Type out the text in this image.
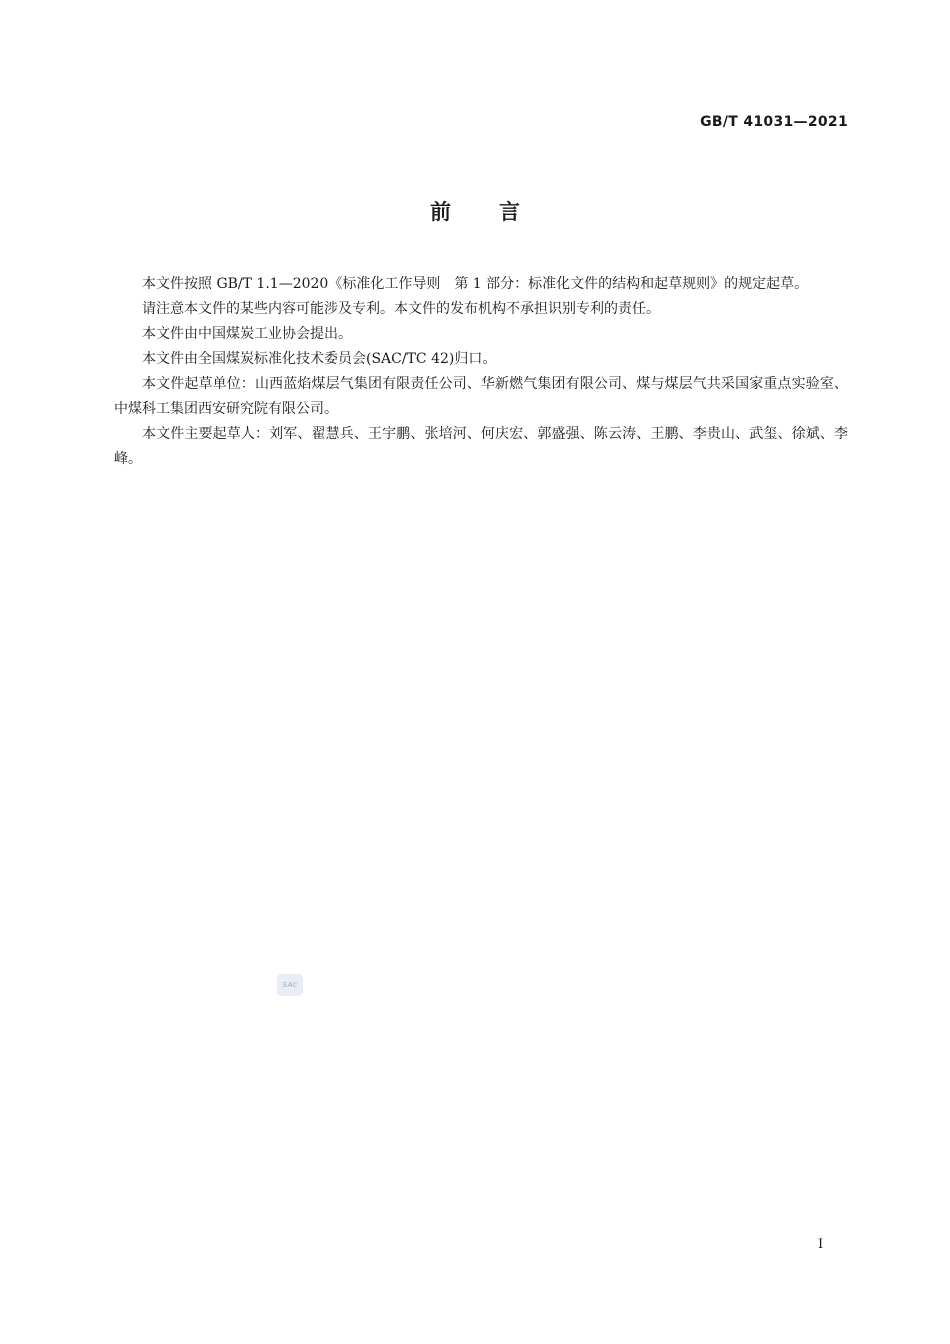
GB/T 41031—2021
前言

本文件按照 GB/T 1.1—2020《标准化工作导则　第 1 部分：标准化文件的结构和起草规则》的规定起草。

请注意本文件的某些内容可能涉及专利。本文件的发布机构不承担识别专利的责任。

本文件由中国煤炭工业协会提出。

本文件由全国煤炭标准化技术委员会(SAC/TC 42)归口。

本文件起草单位：山西蓝焰煤层气集团有限责任公司、华新燃气集团有限公司、煤与煤层气共采国家重点实验室、中煤科工集团西安研究院有限公司。

本文件主要起草人：刘军、翟慧兵、王宇鹏、张培河、何庆宏、郭盛强、陈云涛、王鹏、李贵山、武玺、徐斌、李峰。

SAC
I
